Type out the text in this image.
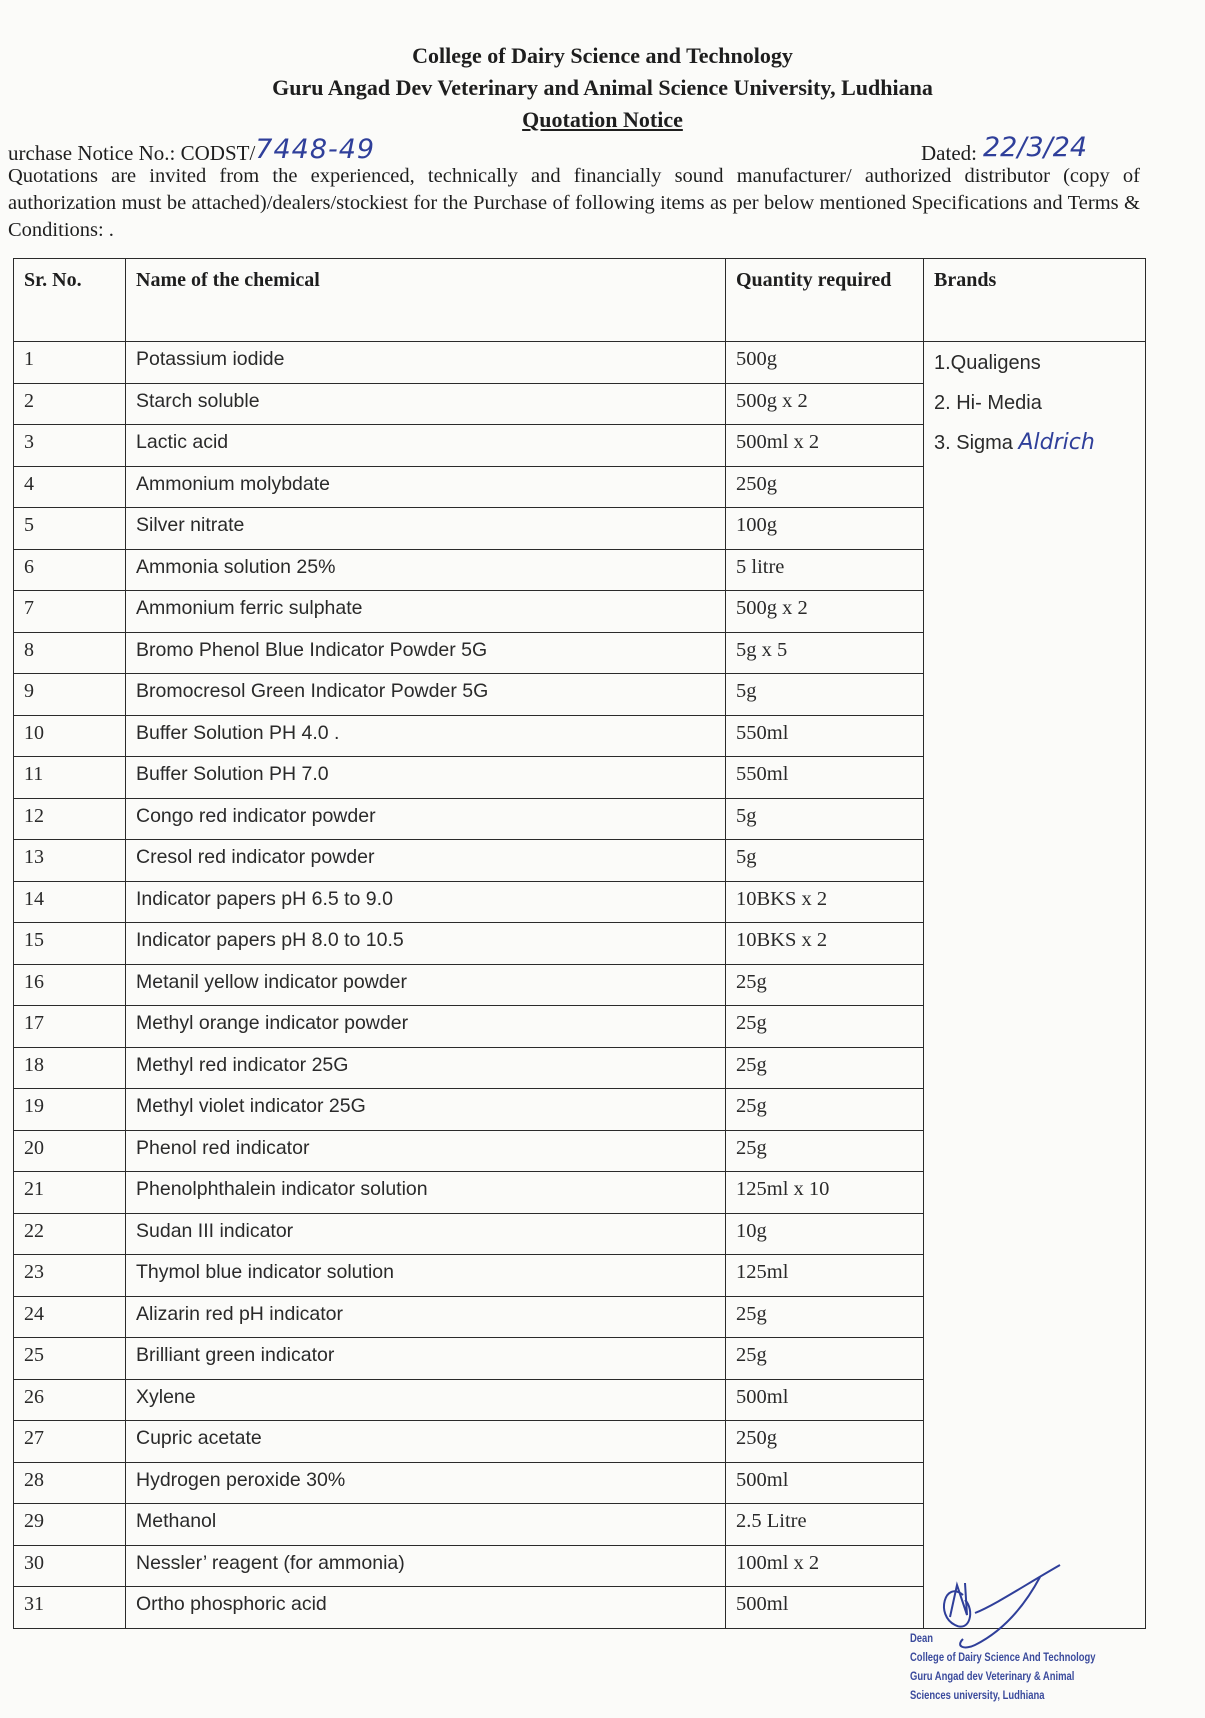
College of Dairy Science and Technology
Guru Angad Dev Veterinary and Animal Science University, Ludhiana
Quotation Notice
urchase Notice No.: CODST/7448-49	Dated: 22/3/24
Quotations are invited from the experienced, technically and financially sound manufacturer/ authorized distributor (copy of authorization must be attached)/dealers/stockiest for the Purchase of following items as per below mentioned Specifications and Terms & Conditions: .
Sr. No.	Name of the chemical	Quantity required	Brands
1	Potassium iodide	500g	1.Qualigens
2. Hi- Media
3. Sigma Aldrich

2	Starch soluble	500g x 2	
3	Lactic acid	500ml x 2	
4	Ammonium molybdate	250g	
5	Silver nitrate	100g	
6	Ammonia solution 25%	5 litre	
7	Ammonium ferric sulphate	500g x 2	
8	Bromo Phenol Blue Indicator Powder 5G	5g x 5	
9	Bromocresol Green Indicator Powder 5G	5g	
10	Buffer Solution PH 4.0 .	550ml	
11	Buffer Solution PH 7.0	550ml	
12	Congo red indicator powder	5g	
13	Cresol red indicator powder	5g	
14	Indicator papers pH 6.5 to 9.0	10BKS x 2	
15	Indicator papers pH 8.0 to 10.5	10BKS x 2	
16	Metanil yellow indicator powder	25g	
17	Methyl orange indicator powder	25g	
18	Methyl red indicator 25G	25g	
19	Methyl violet indicator 25G	25g	
20	Phenol red indicator	25g	
21	Phenolphthalein indicator solution	125ml x 10	
22	Sudan III indicator	10g	
23	Thymol blue indicator solution	125ml	
24	Alizarin red pH indicator	25g	
25	Brilliant green indicator	25g	
26	Xylene	500ml	
27	Cupric acetate	250g	
28	Hydrogen peroxide 30%	500ml	
29	Methanol	2.5 Litre	
30	Nessler’ reagent (for ammonia)	100ml x 2	
31	Ortho phosphoric acid	500ml	
Dean
College of Dairy Science And Technology
Guru Angad dev Veterinary & Animal
Sciences university, Ludhiana
